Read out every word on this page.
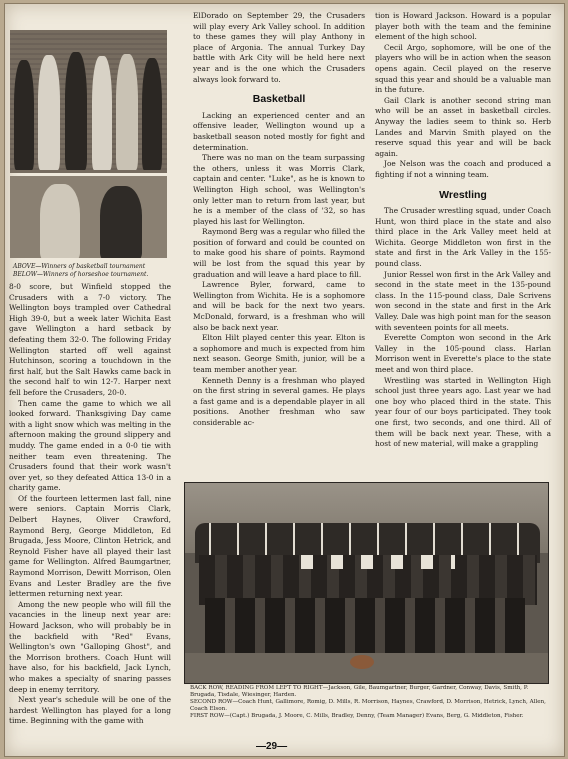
ABOVE—Winners of basketball tournament
BELOW—Winners of horseshoe tournament.

8-0 score, but Winfield stopped the Crusaders with a 7-0 victory. The Wellington boys trampled over Cathedral High 39-0, but a week later Wichita East gave Wellington a hard setback by defeating them 32-0. The following Friday Wellington started off well against Hutchinson, scoring a touchdown in the first half, but the Salt Hawks came back in the second half to win 12-7. Harper next fell before the Crusaders, 20-0.

Then came the game to which we all looked forward. Thanksgiving Day came with a light snow which was melting in the afternoon making the ground slippery and muddy. The game ended in a 0-0 tie with neither team even threatening. The Crusaders found that their work wasn't over yet, so they defeated Attica 13-0 in a charity game.

Of the fourteen lettermen last fall, nine were seniors. Captain Morris Clark, Delbert Haynes, Oliver Crawford, Raymond Berg, George Middleton, Ed Brugada, Jess Moore, Clinton Hetrick, and Reynold Fisher have all played their last game for Wellington. Alfred Baumgartner, Raymond Morrison, Dewitt Morrison, Olen Evans and Lester Bradley are the five lettermen returning next year.

Among the new people who will fill the vacancies in the lineup next year are: Howard Jackson, who will probably be in the backfield with "Red" Evans, Wellington's own "Galloping Ghost", and the Morrison brothers. Coach Hunt will have also, for his backfield, Jack Lynch, who makes a specialty of snaring passes deep in enemy territory.

Next year's schedule will be one of the hardest Wellington has played for a long time. Beginning with the game with

ElDorado on September 29, the Crusaders will play every Ark Valley school. In addition to these games they will play Anthony in place of Argonia. The annual Turkey Day battle with Ark City will be held here next year and is the one which the Crusaders always look forward to.

Basketball

Lacking an experienced center and an offensive leader, Wellington wound up a basketball season noted mostly for fight and determination.

There was no man on the team surpassing the others, unless it was Morris Clark, captain and center. "Luke", as he is known to Wellington High school, was Wellington's only letter man to return from last year, but he is a member of the class of '32, so has played his last for Wellington.

Raymond Berg was a regular who filled the position of forward and could be counted on to make good his share of points. Raymond will be lost from the squad this year by graduation and will leave a hard place to fill.

Lawrence Byler, forward, came to Wellington from Wichita. He is a sophomore and will be back for the next two years. McDonald, forward, is a freshman who will also be back next year.

Elton Hilt played center this year. Elton is a sophomore and much is expected from him next season. George Smith, junior, will be a team member another year.

Kenneth Denny is a freshman who played on the first string in several games. He plays a fast game and is a dependable player in all positions. Another freshman who saw considerable ac-

tion is Howard Jackson. Howard is a popular player both with the team and the feminine element of the high school.

Cecil Argo, sophomore, will be one of the players who will be in action when the season opens again. Cecil played on the reserve squad this year and should be a valuable man in the future.

Gail Clark is another second string man who will be an asset in basketball circles. Anyway the ladies seem to think so. Herb Landes and Marvin Smith played on the reserve squad this year and will be back again.

Joe Nelson was the coach and produced a fighting if not a winning team.

Wrestling

The Crusader wrestling squad, under Coach Hunt, won third place in the state and also third place in the Ark Valley meet held at Wichita. George Middleton won first in the state and first in the Ark Valley in the 155-pound class.

Junior Ressel won first in the Ark Valley and second in the state meet in the 135-pound class. In the 115-pound class, Dale Scrivens won second in the state and first in the Ark Valley. Dale was high point man for the season with seventeen points for all meets.

Everette Compton won second in the Ark Valley in the 105-pound class. Harlan Morrison went in Everette's place to the state meet and won third place.

Wrestling was started in Wellington High school just three years ago. Last year we had one boy who placed third in the state. This year four of our boys participated. They took one first, two seconds, and one third. All of them will be back next year. These, with a host of new material, will make a grappling

BACK ROW, READING FROM LEFT TO RIGHT—Jackson, Gile, Baumgartner, Burger, Gardner, Conway, Davis, Smith, P. Brugada, Tisdale, Wiesinger, Harden.
SECOND ROW—Coach Hunt, Gallimore, Romig, D. Mills, R. Morrison, Haynes, Crawford, D. Morrison, Hetrick, Lynch, Allen, Coach Elson.
FIRST ROW—(Capt.) Brugada, J. Moore, C. Mills, Bradley, Denny, (Team Manager) Evans, Berg, G. Middleton, Fisher.
—29—
